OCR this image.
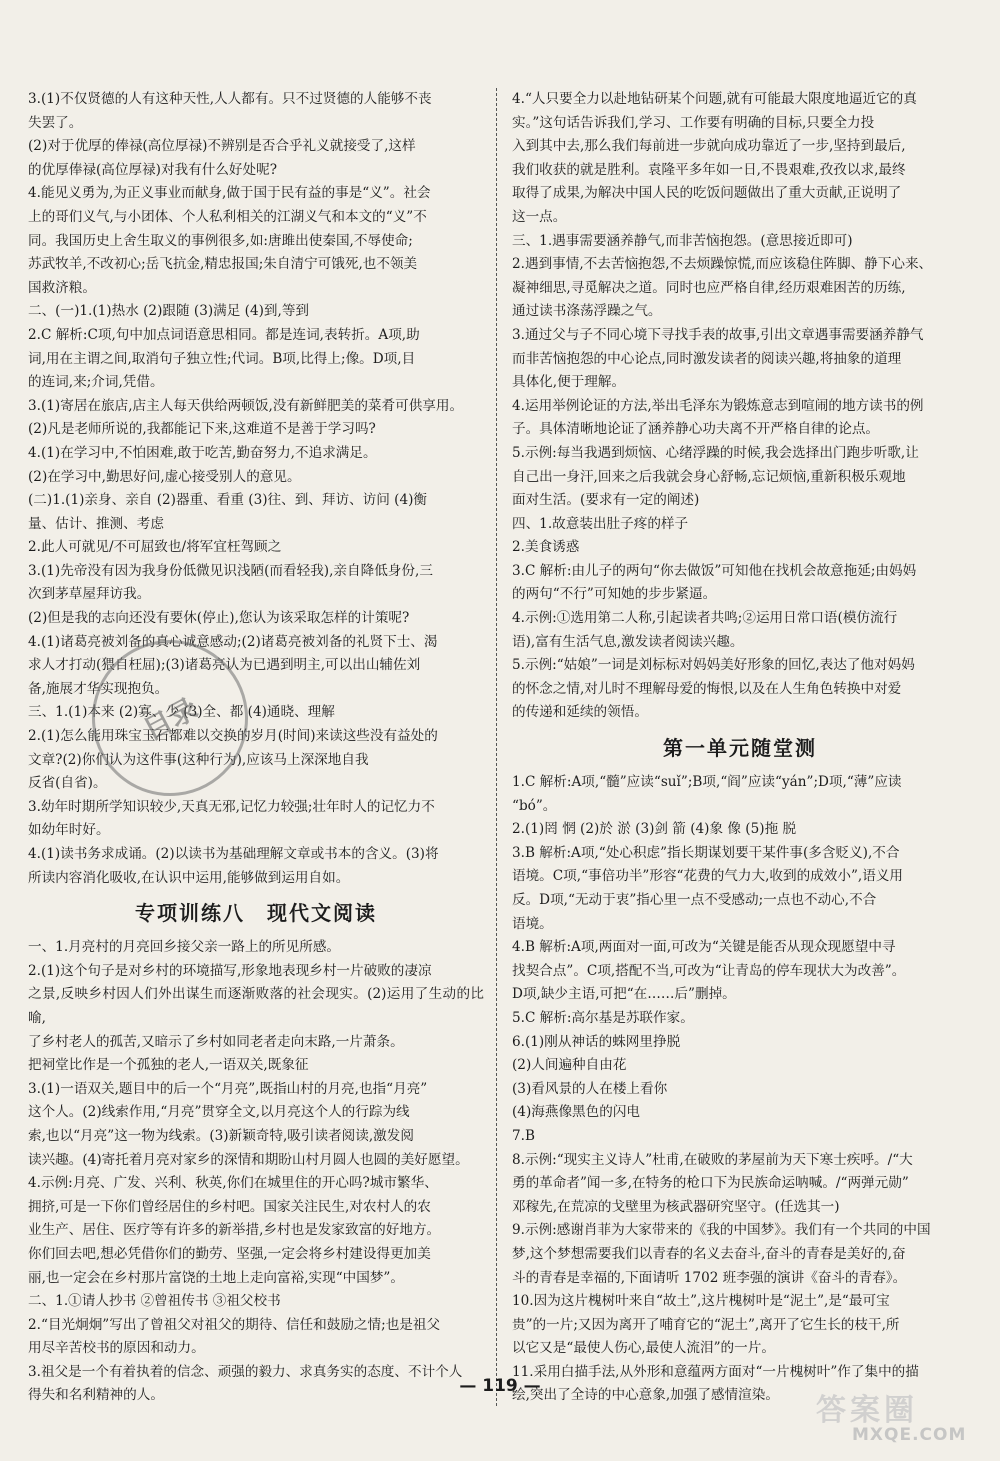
3.(1)不仅贤德的人有这种天性,人人都有。只不过贤德的人能够不丧

失罢了。

(2)对于优厚的俸禄(高位厚禄)不辨别是否合乎礼义就接受了,这样

的优厚俸禄(高位厚禄)对我有什么好处呢?

4.能见义勇为,为正义事业而献身,做于国于民有益的事是“义”。社会

上的哥们义气,与小团体、个人私利相关的江湖义气和本文的“义”不

同。我国历史上舍生取义的事例很多,如:唐雎出使秦国,不辱使命;

苏武牧羊,不改初心;岳飞抗金,精忠报国;朱自清宁可饿死,也不领美

国救济粮。

二、(一)1.(1)热水 (2)跟随 (3)满足 (4)到,等到

2.C 解析:C项,句中加点词语意思相同。都是连词,表转折。A项,助

词,用在主谓之间,取消句子独立性;代词。B项,比得上;像。D项,目

的连词,来;介词,凭借。

3.(1)寄居在旅店,店主人每天供给两顿饭,没有新鲜肥美的菜肴可供享用。

(2)凡是老师所说的,我都能记下来,这难道不是善于学习吗?

4.(1)在学习中,不怕困难,敢于吃苦,勤奋努力,不追求满足。

(2)在学习中,勤思好问,虚心接受别人的意见。

(二)1.(1)亲身、亲自 (2)器重、看重 (3)往、到、拜访、访问 (4)衡

量、估计、推测、考虑

2.此人可就见/不可屈致也/将军宜枉驾顾之

3.(1)先帝没有因为我身份低微见识浅陋(而看轻我),亲自降低身份,三

次到茅草屋拜访我。

(2)但是我的志向还没有要休(停止),您认为该采取怎样的计策呢?

4.(1)诸葛亮被刘备的真心诚意感动;(2)诸葛亮被刘备的礼贤下士、渴

求人才打动(猥自枉屈);(3)诸葛亮认为已遇到明主,可以出山辅佐刘

备,施展才华实现抱负。

三、1.(1)本来 (2)寡、少 (3)全、都 (4)通晓、理解

2.(1)怎么能用珠宝玉石都难以交换的岁月(时间)来读这些没有益处的

文章?(2)你们认为这件事(这种行为),应该马上深深地自我

反省(自省)。

3.幼年时期所学知识较少,天真无邪,记忆力较强;壮年时人的记忆力不

如幼年时好。

4.(1)读书务求成诵。(2)以读书为基础理解文章或书本的含义。(3)将

所读内容消化吸收,在认识中运用,能够做到运用自如。

专项训练八　现代文阅读

一、1.月亮村的月亮回乡接父亲一路上的所见所感。

2.(1)这个句子是对乡村的环境描写,形象地表现乡村一片破败的凄凉

之景,反映乡村因人们外出谋生而逐渐败落的社会现实。(2)运用了生动的比喻,

了乡村老人的孤苦,又暗示了乡村如同老者走向末路,一片萧条。

把祠堂比作是一个孤独的老人,一语双关,既象征

3.(1)一语双关,题目中的后一个“月亮”,既指山村的月亮,也指“月亮”

这个人。(2)线索作用,“月亮”贯穿全文,以月亮这个人的行踪为线

索,也以“月亮”这一物为线索。(3)新颖奇特,吸引读者阅读,激发阅

读兴趣。(4)寄托着月亮对家乡的深情和期盼山村月圆人也圆的美好愿望。

4.示例:月亮、广发、兴利、秋英,你们在城里住的开心吗?城市繁华、

拥挤,可是一下你们曾经居住的乡村吧。国家关注民生,对农村人的农

业生产、居住、医疗等有许多的新举措,乡村也是发家致富的好地方。

你们回去吧,想必凭借你们的勤劳、坚强,一定会将乡村建设得更加美

丽,也一定会在乡村那片富饶的土地上走向富裕,实现“中国梦”。

二、1.①请人抄书 ②曾祖传书 ③祖父校书

2.“目光炯炯”写出了曾祖父对祖父的期待、信任和鼓励之情;也是祖父

用尽辛苦校书的原因和动力。

3.祖父是一个有着执着的信念、顽强的毅力、求真务实的态度、不计个人

得失和名利精神的人。

4.“人只要全力以赴地钻研某个问题,就有可能最大限度地逼近它的真

实。”这句话告诉我们,学习、工作要有明确的目标,只要全力投

入到其中去,那么我们每前进一步就向成功靠近了一步,坚持到最后,

我们收获的就是胜利。袁隆平多年如一日,不畏艰难,孜孜以求,最终

取得了成果,为解决中国人民的吃饭问题做出了重大贡献,正说明了

这一点。

三、1.遇事需要涵养静气,而非苦恼抱怨。(意思接近即可)

2.遇到事情,不去苦恼抱怨,不去烦躁惊慌,而应该稳住阵脚、静下心来、

凝神细思,寻觅解决之道。同时也应严格自律,经历艰难困苦的历练,

通过读书涤荡浮躁之气。

3.通过父与子不同心境下寻找手表的故事,引出文章遇事需要涵养静气

而非苦恼抱怨的中心论点,同时激发读者的阅读兴趣,将抽象的道理

具体化,便于理解。

4.运用举例论证的方法,举出毛泽东为锻炼意志到喧闹的地方读书的例

子。具体清晰地论证了涵养静心功夫离不开严格自律的论点。

5.示例:每当我遇到烦恼、心绪浮躁的时候,我会选择出门跑步听歌,让

自己出一身汗,回来之后我就会身心舒畅,忘记烦恼,重新积极乐观地

面对生活。(要求有一定的阐述)

四、1.故意装出肚子疼的样子

2.美食诱惑

3.C 解析:由儿子的两句“你去做饭”可知他在找机会故意拖延;由妈妈

的两句“不行”可知她的步步紧逼。

4.示例:①选用第二人称,引起读者共鸣;②运用日常口语(模仿流行

语),富有生活气息,激发读者阅读兴趣。

5.示例:“姑娘”一词是刘标标对妈妈美好形象的回忆,表达了他对妈妈

的怀念之情,对儿时不理解母爱的悔恨,以及在人生角色转换中对爱

的传递和延续的领悟。

第一单元随堂测

1.C 解析:A项,“髓”应读“suǐ”;B项,“阎”应读“yán”;D项,“薄”应读

“bó”。

2.(1)罔 惘 (2)於 淤 (3)剑 箭 (4)象 像 (5)拖 脱

3.B 解析:A项,“处心积虑”指长期谋划要干某件事(多含贬义),不合

语境。C项,“事倍功半”形容“花费的气力大,收到的成效小”,语义用

反。D项,“无动于衷”指心里一点不受感动;一点也不动心,不合

语境。

4.B 解析:A项,两面对一面,可改为“关键是能否从现众现愿望中寻

找契合点”。C项,搭配不当,可改为“让青岛的停车现状大为改善”。

D项,缺少主语,可把“在……后”删掉。

5.C 解析:高尔基是苏联作家。

6.(1)刚从神话的蛛网里挣脱

(2)人间遍种自由花

(3)看风景的人在楼上看你

(4)海燕像黑色的闪电

7.B

8.示例:“现实主义诗人”杜甫,在破败的茅屋前为天下寒士疾呼。/“大

勇的革命者”闻一多,在特务的枪口下为民族命运呐喊。/“两弹元勋”

邓稼先,在荒凉的戈壁里为核武器研究坚守。(任选其一)

9.示例:感谢肖菲为大家带来的《我的中国梦》。我们有一个共同的中国

梦,这个梦想需要我们以青春的名义去奋斗,奋斗的青春是美好的,奋

斗的青春是幸福的,下面请听 1702 班李强的演讲《奋斗的青春》。

10.因为这片槐树叶来自“故土”,这片槐树叶是“泥土”,是“最可宝

贵”的一片;又因为离开了哺育它的“泥土”,离开了它生长的枝干,所

以它又是“最使人伤心,最使人流泪”的一片。

11.采用白描手法,从外形和意蕴两方面对“一片槐树叶”作了集中的描

绘,突出了全诗的中心意象,加强了感情渲染。

目录
— 119 —
答案圈
MXQE.COM
